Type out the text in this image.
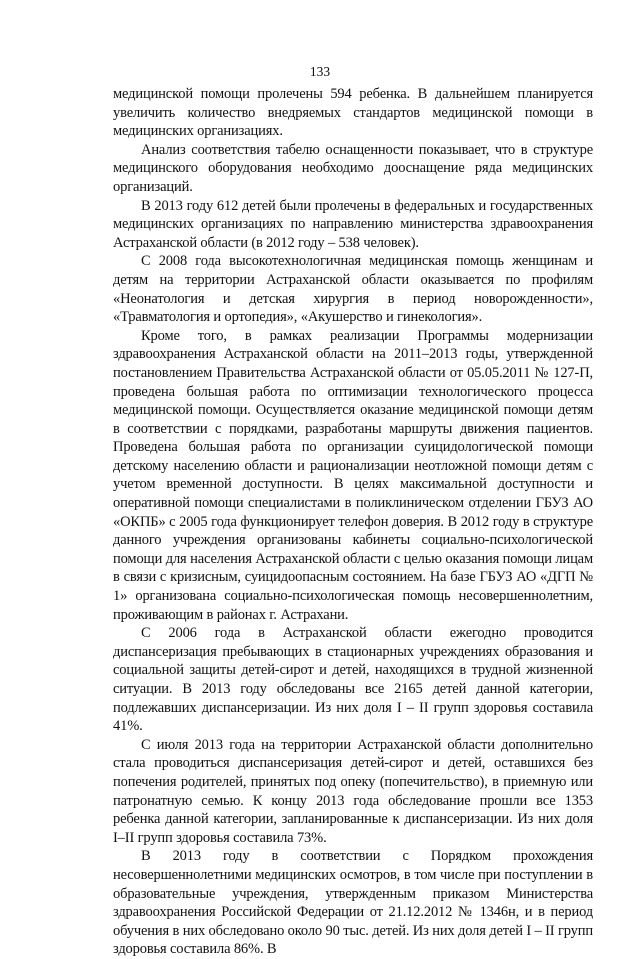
133

медицинской помощи пролечены 594 ребенка. В дальнейшем планируется увеличить количество внедряемых стандартов медицинской помощи в медицинских организациях.

Анализ соответствия табелю оснащенности показывает, что в структуре медицинского оборудования необходимо дооснащение ряда медицинских организаций.

В 2013 году 612 детей были пролечены в федеральных и государственных медицинских организациях по направлению министерства здравоохранения Астраханской области (в 2012 году – 538 человек).

С 2008 года высокотехнологичная медицинская помощь женщинам и детям на территории Астраханской области оказывается по профилям «Неонатология и детская хирургия в период новорожденности», «Травматология и ортопедия», «Акушерство и гинекология».

Кроме того, в рамках реализации Программы модернизации здравоохранения Астраханской области на 2011–2013 годы, утвержденной постановлением Правительства Астраханской области от 05.05.2011 № 127-П, проведена большая работа по оптимизации технологического процесса медицинской помощи. Осуществляется оказание медицинской помощи детям в соответствии с порядками, разработаны маршруты движения пациентов. Проведена большая работа по организации суицидологической помощи детскому населению области и рационализации неотложной помощи детям с учетом временной доступности. В целях максимальной доступности и оперативной помощи специалистами в поликлиническом отделении ГБУЗ АО «ОКПБ» с 2005 года функционирует телефон доверия. В 2012 году в структуре данного учреждения организованы кабинеты социально-психологической помощи для населения Астраханской области с целью оказания помощи лицам в связи с кризисным, суицидоопасным состоянием. На базе ГБУЗ АО «ДГП № 1» организована социально-психологическая помощь несовершеннолетним, проживающим в районах г. Астрахани.

С 2006 года в Астраханской области ежегодно проводится диспансеризация пребывающих в стационарных учреждениях образования и социальной защиты детей-сирот и детей, находящихся в трудной жизненной ситуации. В 2013 году обследованы все 2165 детей данной категории, подлежавших диспансеризации. Из них доля I – II групп здоровья составила 41%.

С июля 2013 года на территории Астраханской области дополнительно стала проводиться диспансеризация детей-сирот и детей, оставшихся без попечения родителей, принятых под опеку (попечительство), в приемную или патронатную семью. К концу 2013 года обследование прошли все 1353 ребенка данной категории, запланированные к диспансеризации. Из них доля I–II групп здоровья составила 73%.

В 2013 году в соответствии с Порядком прохождения несовершеннолетними медицинских осмотров, в том числе при поступлении в образовательные учреждения, утвержденным приказом Министерства здравоохранения Российской Федерации от 21.12.2012 № 1346н, и в период обучения в них обследовано около 90 тыс. детей. Из них доля детей I – II групп здоровья составила 86%. В
